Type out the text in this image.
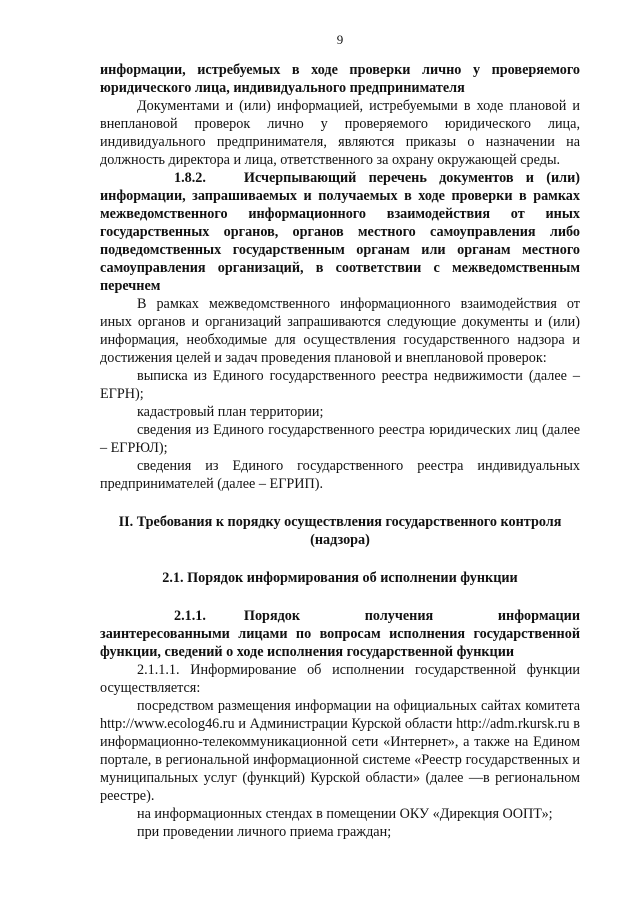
9

информации, истребуемых в ходе проверки лично у проверяемого юридического лица, индивидуального предпринимателя

Документами и (или) информацией, истребуемыми в ходе плановой и внеплановой проверок лично у проверяемого юридического лица, индивидуального предпринимателя, являются приказы о назначении на должность директора и лица, ответственного за охрану окружающей среды.

1.8.2.	Исчерпывающий перечень документов и (или) информации, запрашиваемых и получаемых в ходе проверки в рамках межведомственного информационного взаимодействия от иных государственных органов, органов местного самоуправления либо подведомственных государственным органам или органам местного самоуправления организаций, в соответствии с межведомственным перечнем

В рамках межведомственного информационного взаимодействия от иных органов и организаций запрашиваются следующие документы и (или) информация, необходимые для осуществления государственного надзора и достижения целей и задач проведения плановой и внеплановой проверок:

выписка из Единого государственного реестра недвижимости (далее – ЕГРН);

кадастровый план территории;

сведения из Единого государственного реестра юридических лиц (далее – ЕГРЮЛ);

сведения из Единого государственного реестра индивидуальных предпринимателей (далее – ЕГРИП).

II. Требования к порядку осуществления государственного контроля (надзора)

2.1. Порядок информирования об исполнении функции

2.1.1.	Порядок получения информации заинтересованными лицами по вопросам исполнения государственной функции, сведений о ходе исполнения государственной функции

2.1.1.1. Информирование об исполнении государственной функции осуществляется:

посредством размещения информации на официальных сайтах комитета http://www.ecolog46.ru и Администрации Курской области http://adm.rkursk.ru в информационно-телекоммуникационной сети «Интернет», а также на Едином портале, в региональной информационной системе «Реестр государственных и муниципальных услуг (функций) Курской области» (далее —в региональном реестре).

на информационных стендах в помещении ОКУ «Дирекция ООПТ»;

при проведении личного приема граждан;
